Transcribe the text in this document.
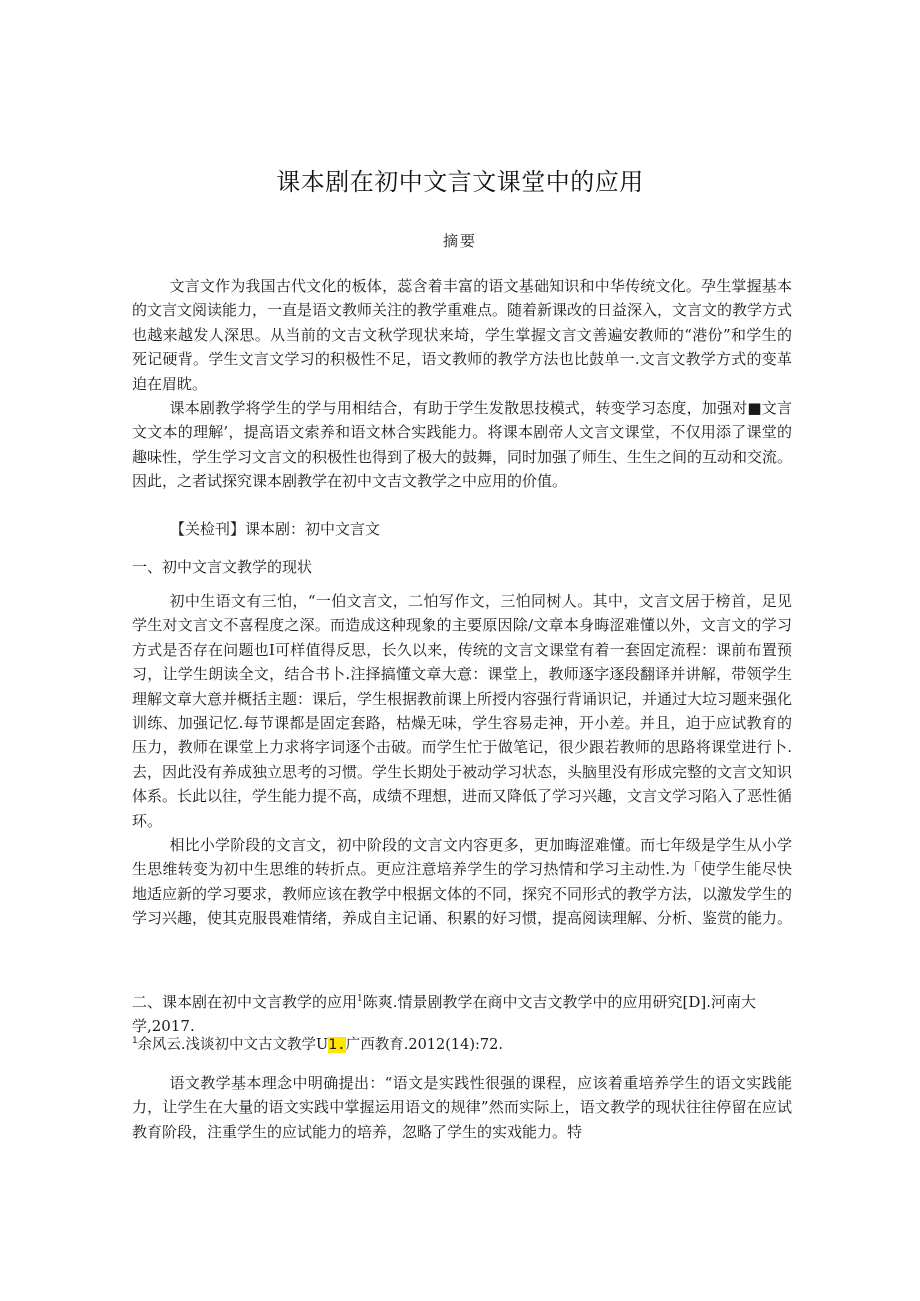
课本剧在初中文言文课堂中的应用
摘要

文言文作为我国古代文化的板体，蕊含着丰富的语文基础知识和中华传统文化。孕生掌握基本的文言文阅读能力，一直是语文教师关注的教学重难点。随着新课改的日益深入，文言文的教学方式也越来越发人深思。从当前的文吉文秋学现状来埼，学生掌握文言文善遍安教师的“港份”和学生的死记硬背。学生文言文学习的积极性不足，语文教师的教学方法也比鼓单一.文言文教学方式的变革迫在眉眈。

课本剧教学将学生的学与用相结合，有助于学生发散思技模式，转变学习态度，加强对■文言文文本的理解’，提高语文索养和语文林合实践能力。将课本剧帝人文言文课堂，不仅用添了课堂的趣味性，学生学习文言文的积极性也得到了极大的鼓舞，同时加强了师生、生生之间的互动和交流。因此，之者试探究课本剧教学在初中文吉文教学之中应用的价值。

【关检刊】课本剧：初中文言文
一、初中文言文教学的现状

初中生语文有三怕，“一伯文言文，二怕写作文，三怕同树人。其中，文言文居于榜首，足见学生对文言文不喜程度之深。而造成这种现象的主要原因除/文章本身晦涩难懂以外，文言文的学习方式是否存在问题也I可样值得反思，长久以来，传统的文言文课堂有着一套固定流程：课前布置预习，让学生朗读全文，结合书卜.注择搞懂文章大意：课堂上，教师逐字逐段翻译并讲解，带领学生理解文章大意并概括主题：课后，学生根据教前课上所授内容强行背诵识记，并通过大垃习题来强化训练、加强记忆.每节课都是固定套路，枯燥无味，学生容易走神，开小差。并且，迫于应试教育的压力，教师在课堂上力求将字词逐个击破。而学生忙于做笔记，很少跟若教师的思路将课堂进行卜.去，因此没有养成独立思考的习惯。学生长期处于被动学习状态，头脑里没有形成完整的文言文知识体系。长此以往，学生能力提不高，成绩不理想，进而又降低了学习兴趣，文言文学习陷入了恶性循环。

相比小学阶段的文言文，初中阶段的文言文内容更多，更加晦涩难懂。而七年级是学生从小学生思维转变为初中生思维的转折点。更应注意培养学生的学习热情和学习主动性.为「使学生能尽快地适应新的学习要求，教师应该在教学中根据文体的不同，探究不同形式的教学方法，以激发学生的学习兴趣，使其克服畏难情绪，养成自主记诵、积累的好习惯，提高阅读理解、分析、鉴赏的能力。

二、课本剧在初中文言教学的应用$^1$陈爽.情景剧教学在商中文吉文教学中的应用研究[D].河南大学,2017.
$^1$余风云.浅谈初中文古文教学U1.广西教育.2012(14):72.

语文教学基本理念中明确提出：“语文是实践性很强的课程，应该着重培养学生的语文实践能力，让学生在大量的语文实践中掌握运用语文的规律”然而实际上，语文教学的现状往往停留在应试教育阶段，注重学生的应试能力的培养，忽略了学生的实戏能力。特
